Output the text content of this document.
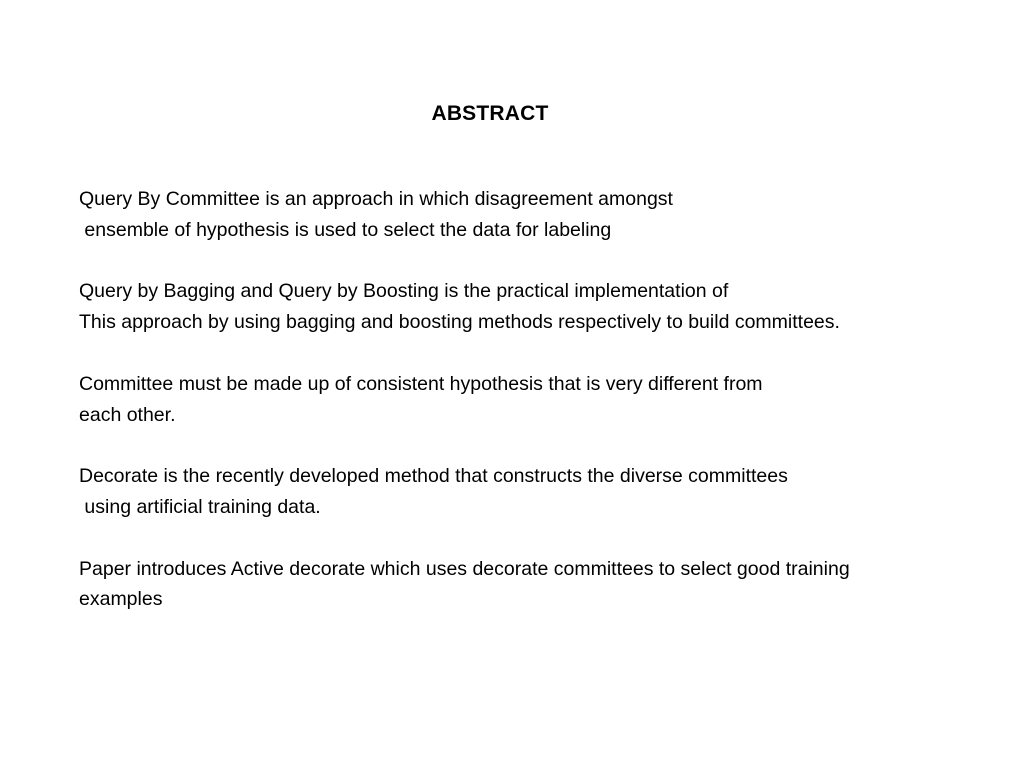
ABSTRACT
Query By Committee is an approach in which disagreement amongst
ensemble of hypothesis is used to select the data for labeling
Query by Bagging and Query by Boosting is the practical implementation of
This approach by using bagging and boosting methods respectively to build committees.
Committee must be made up of consistent hypothesis that is very different from
each other.
Decorate is the recently developed method that constructs the diverse committees
using artificial training data.
Paper introduces Active decorate which uses decorate committees to select good training
examples
